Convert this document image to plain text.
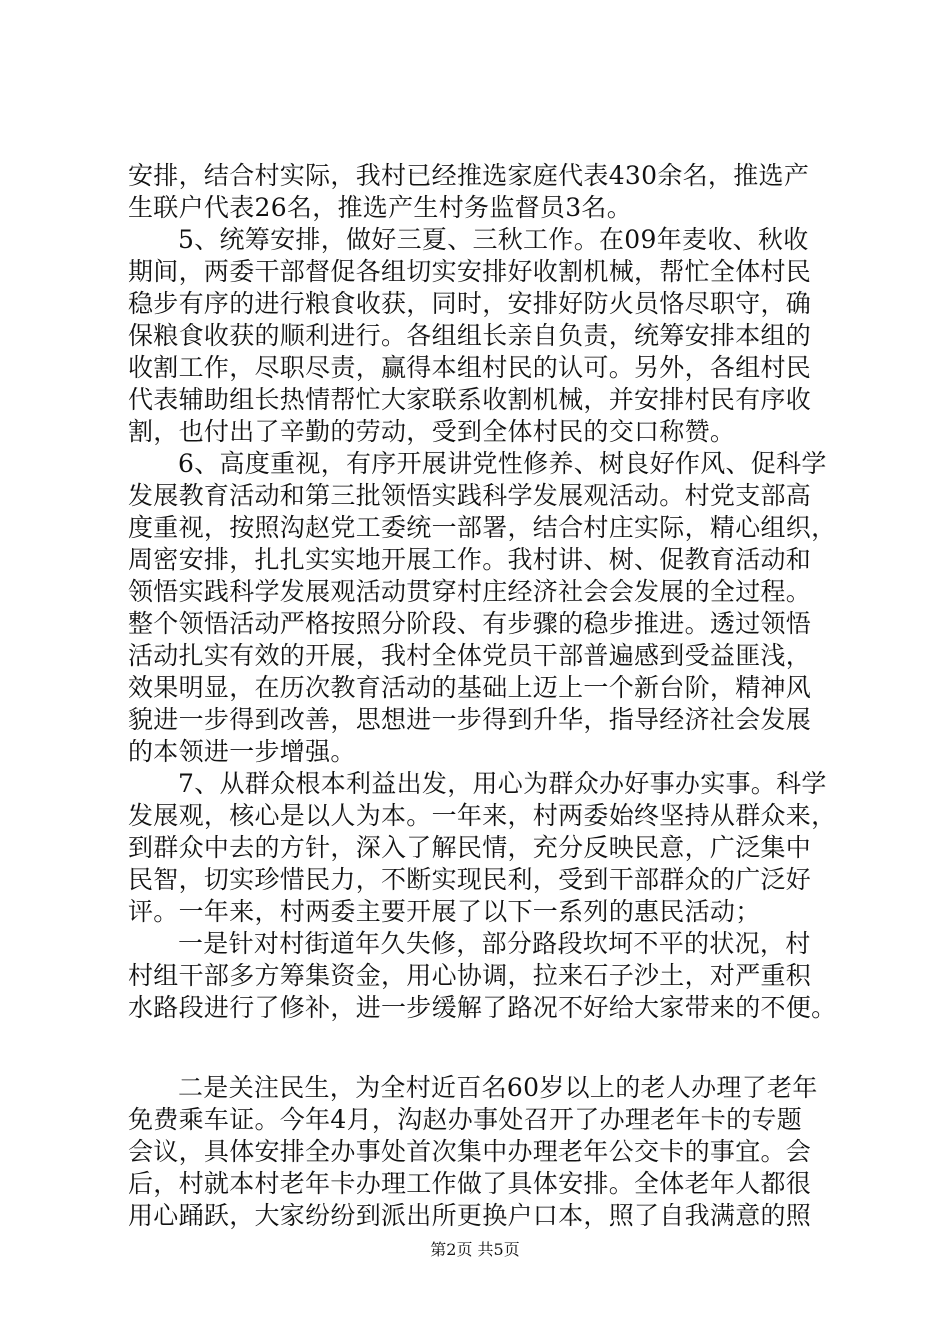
安排，结合村实际，我村已经推选家庭代表430余名，推选产
生联户代表26名，推选产生村务监督员3名。
5、统筹安排，做好三夏、三秋工作。在09年麦收、秋收
期间，两委干部督促各组切实安排好收割机械，帮忙全体村民
稳步有序的进行粮食收获，同时，安排好防火员恪尽职守，确
保粮食收获的顺利进行。各组组长亲自负责，统筹安排本组的
收割工作，尽职尽责，赢得本组村民的认可。另外，各组村民
代表辅助组长热情帮忙大家联系收割机械，并安排村民有序收
割，也付出了辛勤的劳动，受到全体村民的交口称赞。
6、高度重视，有序开展讲党性修养、树良好作风、促科学
发展教育活动和第三批领悟实践科学发展观活动。村党支部高
度重视，按照沟赵党工委统一部署，结合村庄实际，精心组织，
周密安排，扎扎实实地开展工作。我村讲、树、促教育活动和
领悟实践科学发展观活动贯穿村庄经济社会会发展的全过程。
整个领悟活动严格按照分阶段、有步骤的稳步推进。透过领悟
活动扎实有效的开展，我村全体党员干部普遍感到受益匪浅，
效果明显，在历次教育活动的基础上迈上一个新台阶，精神风
貌进一步得到改善，思想进一步得到升华，指导经济社会发展
的本领进一步增强。
7、从群众根本利益出发，用心为群众办好事办实事。科学
发展观，核心是以人为本。一年来，村两委始终坚持从群众来，
到群众中去的方针，深入了解民情，充分反映民意，广泛集中
民智，切实珍惜民力，不断实现民利，受到干部群众的广泛好
评。一年来，村两委主要开展了以下一系列的惠民活动；
一是针对村街道年久失修，部分路段坎坷不平的状况，村
村组干部多方筹集资金，用心协调，拉来石子沙土，对严重积
水路段进行了修补，进一步缓解了路况不好给大家带来的不便。
二是关注民生，为全村近百名60岁以上的老人办理了老年
免费乘车证。今年4月，沟赵办事处召开了办理老年卡的专题
会议，具体安排全办事处首次集中办理老年公交卡的事宜。会
后，村就本村老年卡办理工作做了具体安排。全体老年人都很
用心踊跃，大家纷纷到派出所更换户口本，照了自我满意的照
第2页 共5页
